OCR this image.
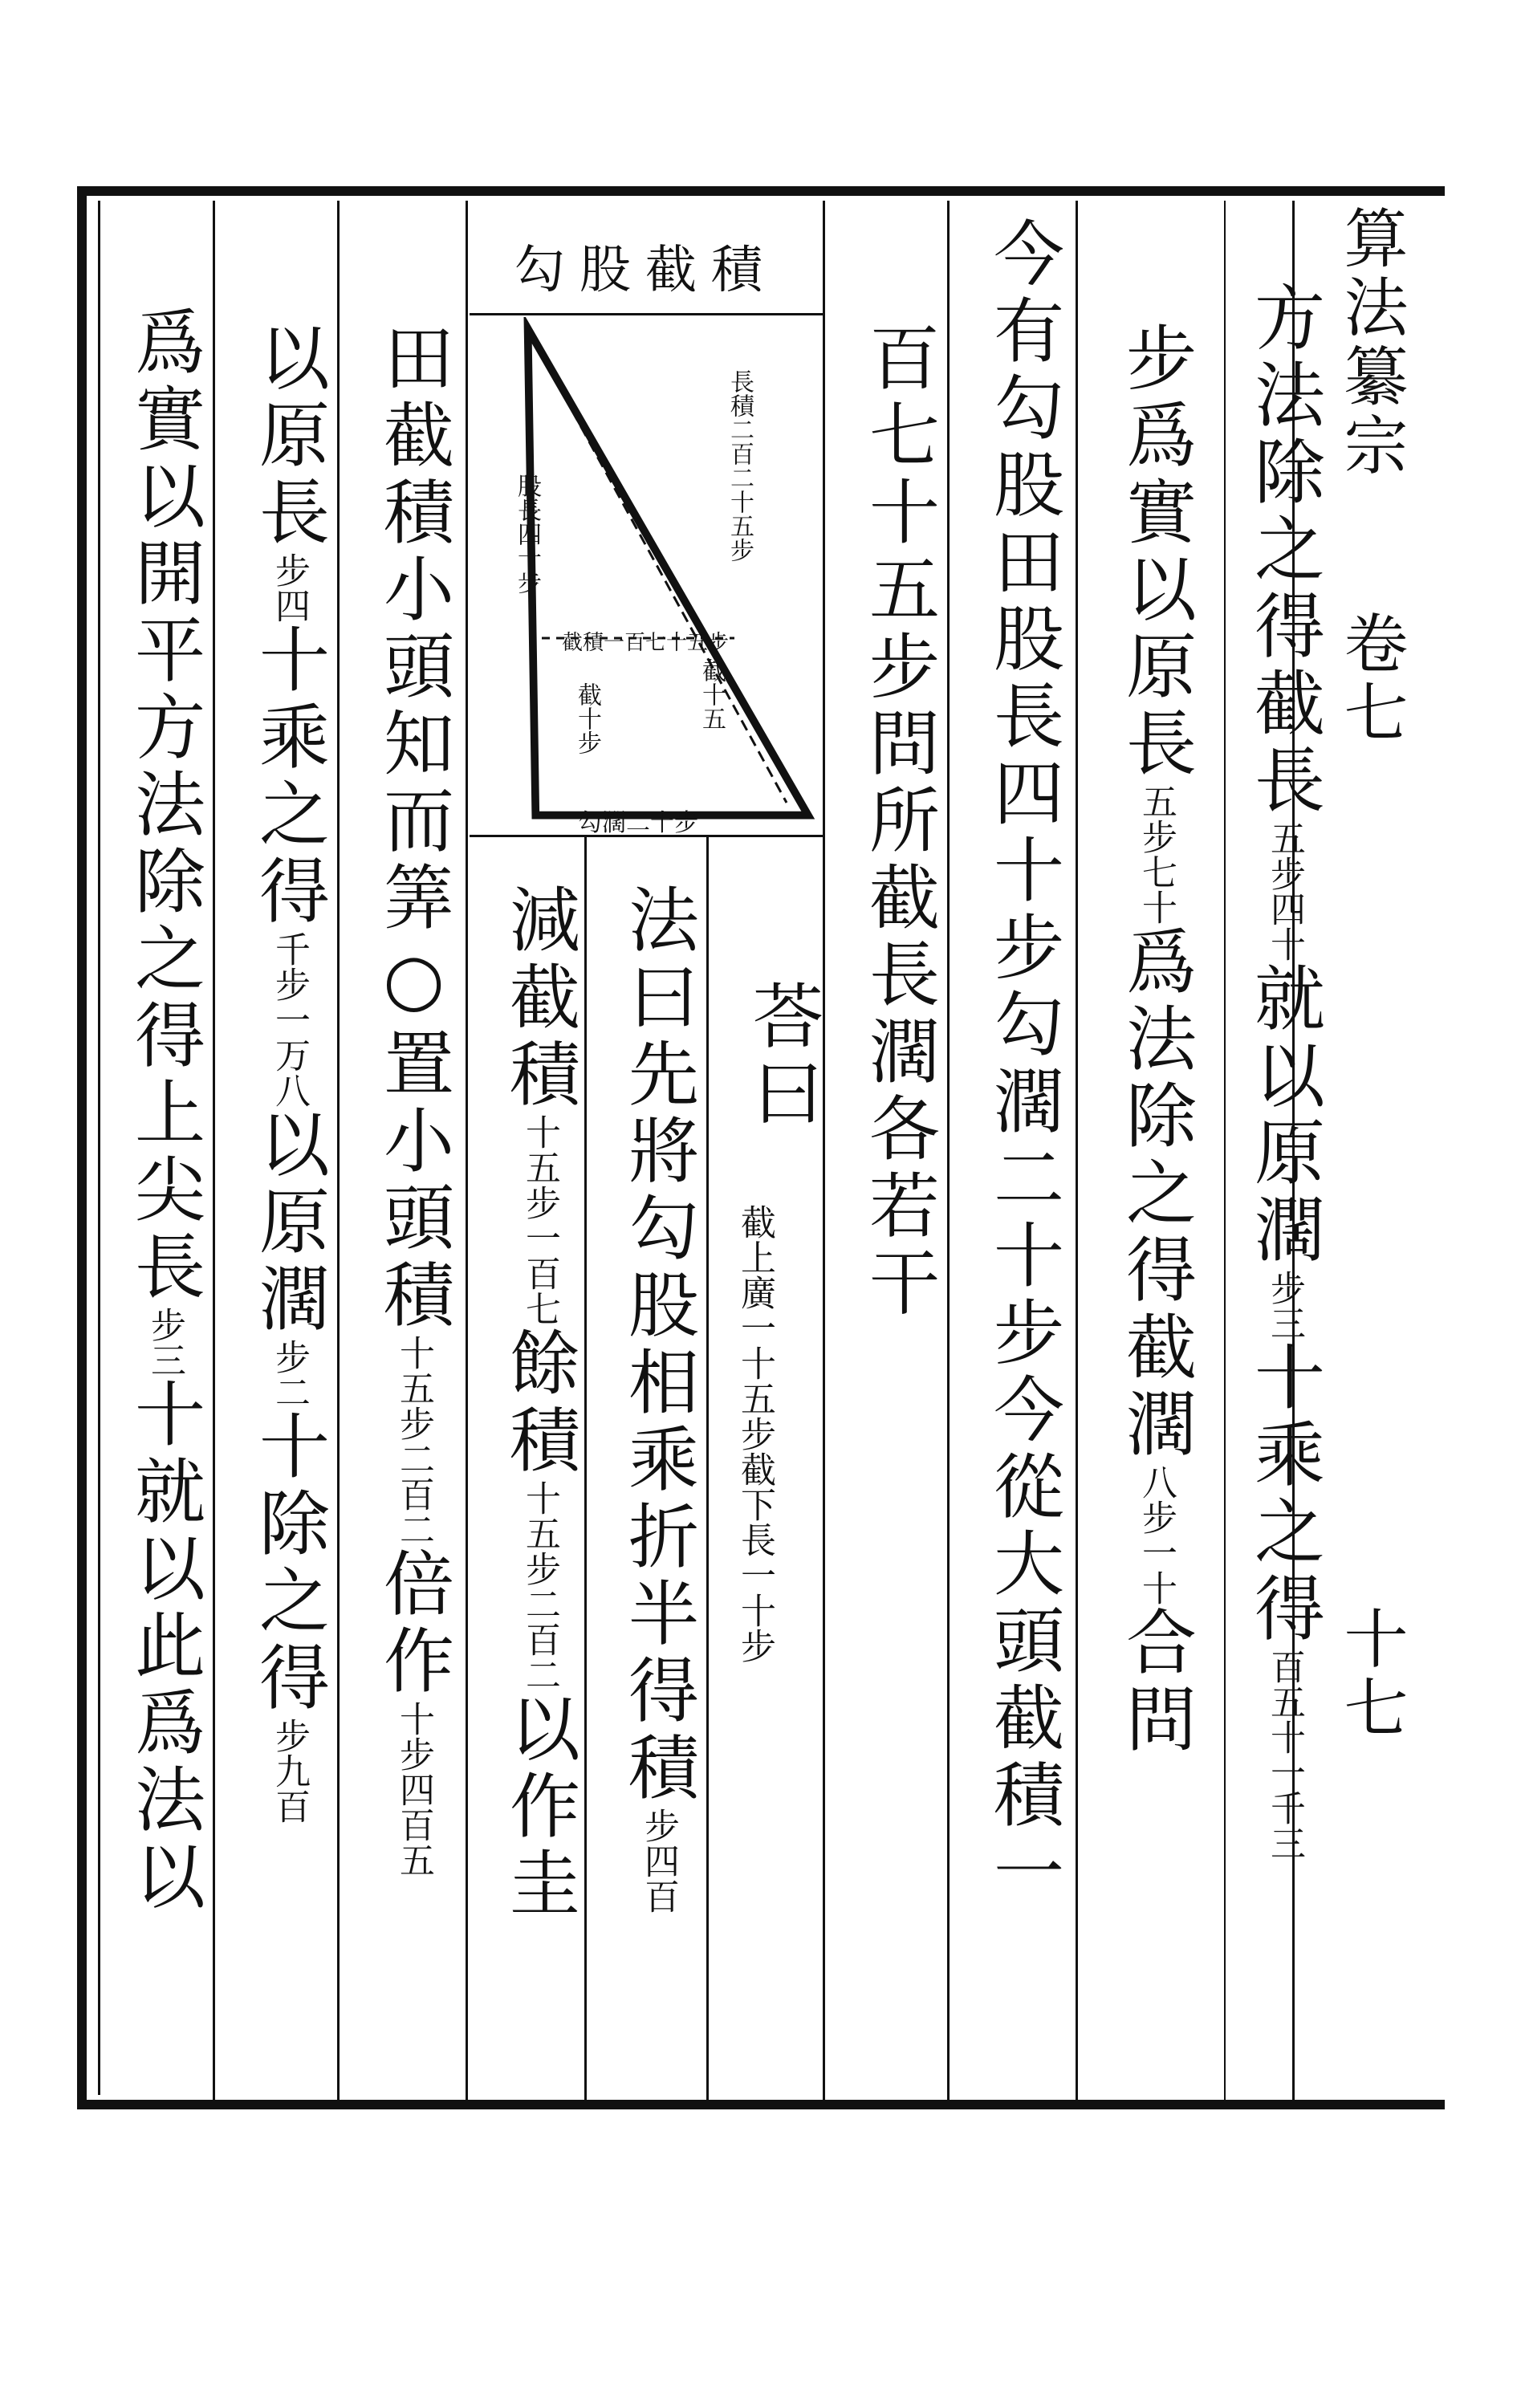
算法纂宗
卷七
十七
方法除之得截長
四十
五步
就以原濶
三
步
十乘之得
一千三
百五十
步爲實以原長
七十
五步
爲法除之得截濶
一十
八步
合問
今有勾股田股長四十步勾濶二十步今從大頭截積一
百七十五步問所截長濶各若干
荅曰
法曰先將勾股相乘折半得積
四百
步
減截積
一百七
十五步
餘積
二百二
十五步
以作圭
田截積小頭知而筭○置小頭積
二百二
十五步
倍作
四百五
十步
以原長
四
步
十乘之得
一万八
千步
以原濶
二
步
十除之得
九百
步
爲實以開平方法除之得上尖長
三
步
十就以此爲法以	截下長一十步
截上廣一十五步
勾股截積
長積二百二十五步
股長四十步
截積一百七十五步
截十五
截十步
勾濶二十步
